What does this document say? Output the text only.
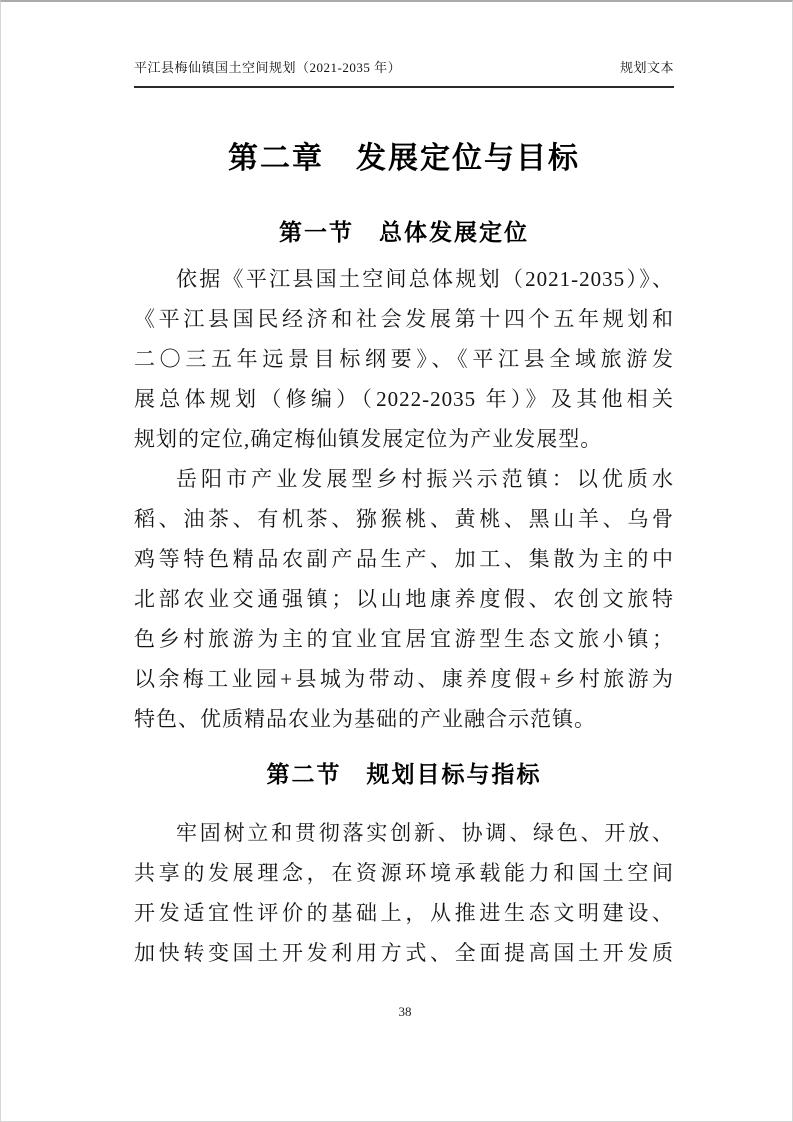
平江县梅仙镇国土空间规划（2021-2035 年）	规划文本
第二章　发展定位与目标
第一节　总体发展定位
依据《平江县国土空间总体规划（2021-2035）》、
《平江县国民经济和社会发展第十四个五年规划和
二〇三五年远景目标纲要》、《平江县全域旅游发
展总体规划（修编）（2022-2035 年）》及其他相关
规划的定位,确定梅仙镇发展定位为产业发展型。
岳阳市产业发展型乡村振兴示范镇：以优质水
稻、油茶、有机茶、猕猴桃、黄桃、黑山羊、乌骨
鸡等特色精品农副产品生产、加工、集散为主的中
北部农业交通强镇；以山地康养度假、农创文旅特
色乡村旅游为主的宜业宜居宜游型生态文旅小镇；
以余梅工业园+县城为带动、康养度假+乡村旅游为
特色、优质精品农业为基础的产业融合示范镇。
第二节　规划目标与指标
牢固树立和贯彻落实创新、协调、绿色、开放、
共享的发展理念，在资源环境承载能力和国土空间
开发适宜性评价的基础上，从推进生态文明建设、
加快转变国土开发利用方式、全面提高国土开发质
38
